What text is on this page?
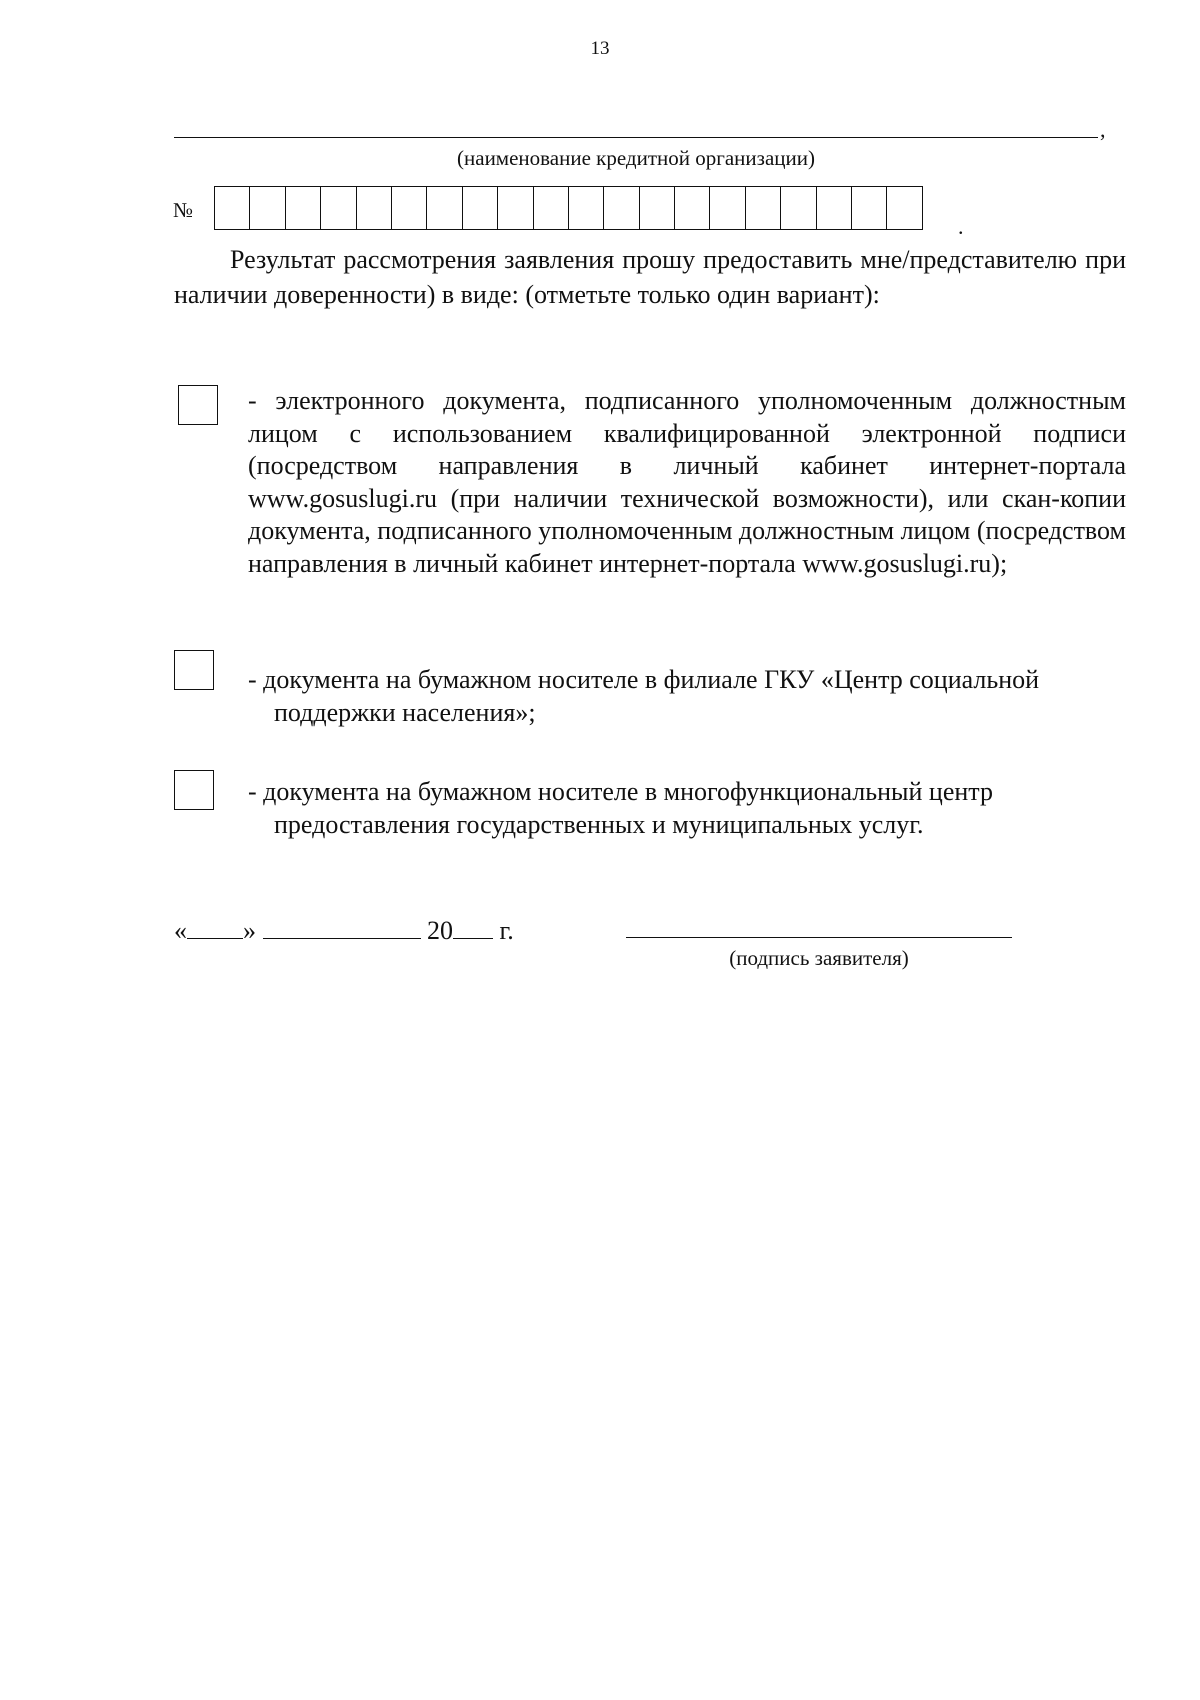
13
,
(наименование кредитной организации)
№
.

Результат рассмотрения заявления прошу предоставить мне/представителю при наличии доверенности) в виде: (отметьте только один вариант):

- электронного документа, подписанного уполномоченным должностным лицом с использованием квалифицированной электронной подписи (посредством направления в личный кабинет интернет-портала www.gosuslugi.ru (при наличии технической возможности), или скан-копии документа, подписанного уполномоченным должностным лицом (посредством направления в личный кабинет интернет-портала www.gosuslugi.ru);

- документа на бумажном носителе в филиале ГКУ «Центр социальной поддержки населения»;

- документа на бумажном носителе в многофункциональный центр предоставления государственных и муниципальных услуг.

« »	20 г.
(подпись заявителя)
